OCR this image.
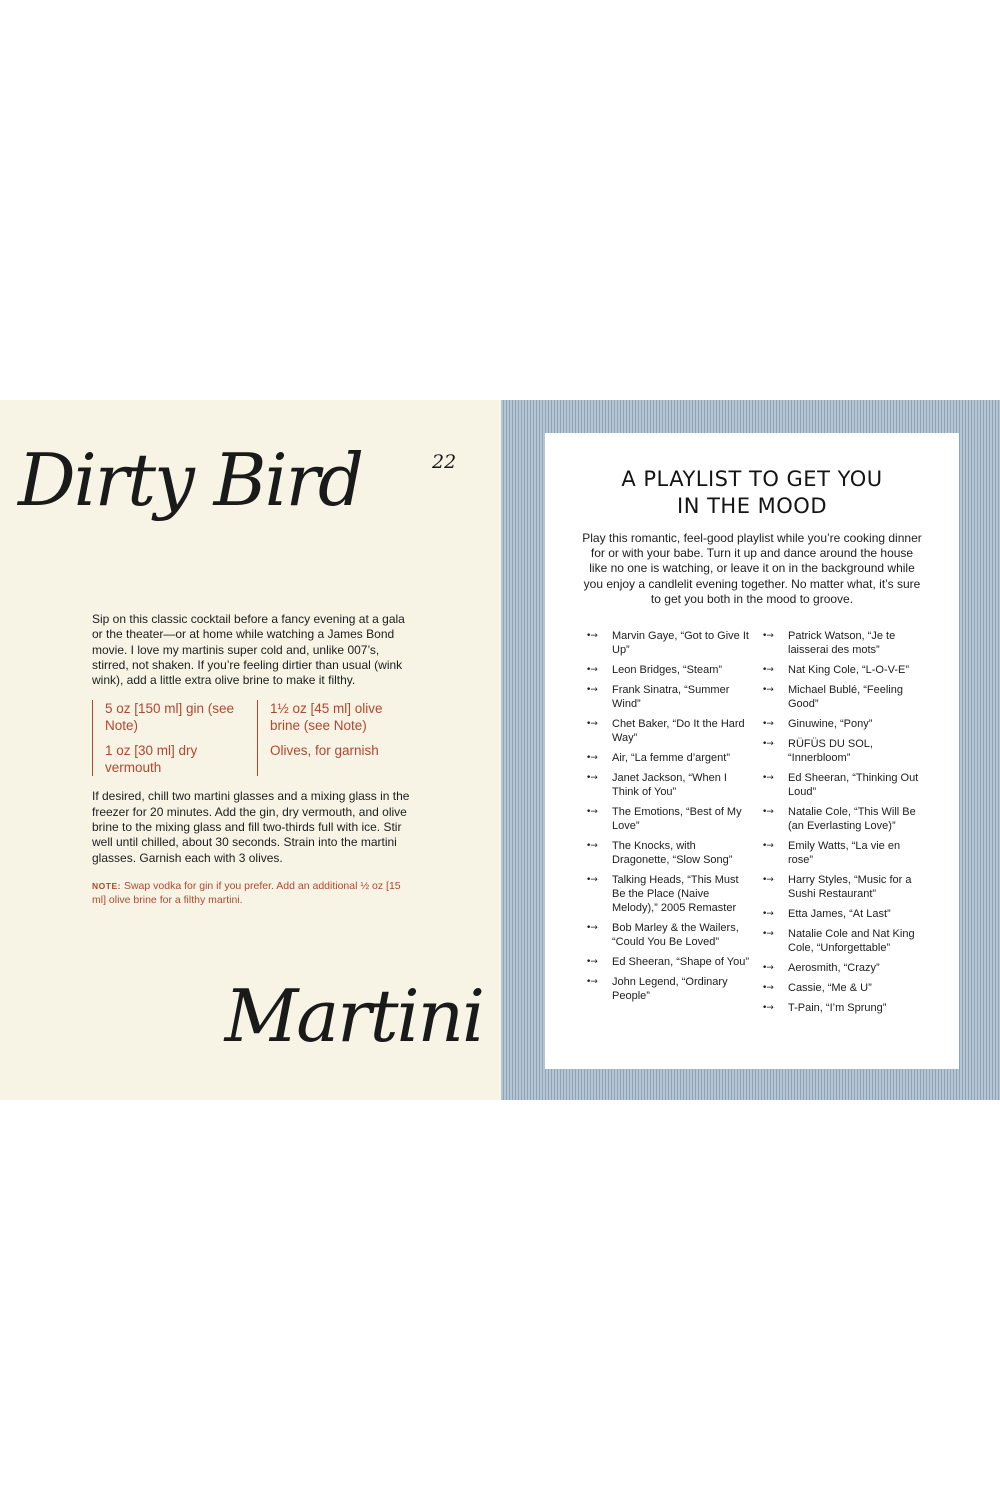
Dirty Bird	22

Sip on this classic cocktail before a fancy evening at a gala or the theater—or at home while watching a James Bond movie. I love my martinis super cold and, unlike 007’s, stirred, not shaken. If you’re feeling dirtier than usual (wink wink), add a little extra olive brine to make it filthy.

5 oz [150 ml] gin (see Note)
1 oz [30 ml] dry vermouth
1½ oz [45 ml] olive brine (see Note)
Olives, for garnish

If desired, chill two martini glasses and a mixing glass in the freezer for 20 minutes. Add the gin, dry vermouth, and olive brine to the mixing glass and fill two-thirds full with ice. Stir well until chilled, about 30 seconds. Strain into the martini glasses. Garnish each with 3 olives.

NOTE: Swap vodka for gin if you prefer. Add an additional ½ oz [15 ml] olive brine for a filthy martini.

Martini
A PLAYLIST TO GET YOU
IN THE MOOD

Play this romantic, feel-good playlist while you’re cooking dinner for or with your babe. Turn it up and dance around the house like no one is watching, or leave it on in the background while you enjoy a candlelit evening together. No matter what, it’s sure to get you both in the mood to groove.

•→ Marvin Gaye, “Got to Give It Up”
•→ Leon Bridges, “Steam”
•→ Frank Sinatra, “Summer Wind”
•→ Chet Baker, “Do It the Hard Way”
•→ Air, “La femme d’argent”
•→ Janet Jackson, “When I Think of You”
•→ The Emotions, “Best of My Love”
•→ The Knocks, with Dragonette, “Slow Song”
•→ Talking Heads, “This Must Be the Place (Naive Melody),” 2005 Remaster
•→ Bob Marley & the Wailers, “Could You Be Loved”
•→ Ed Sheeran, “Shape of You”
•→ John Legend, “Ordinary People”
•→ Patrick Watson, “Je te laisserai des mots”
•→ Nat King Cole, “L-O-V-E”
•→ Michael Bublé, “Feeling Good”
•→ Ginuwine, “Pony”
•→ RÜFÜS DU SOL, “Innerbloom”
•→ Ed Sheeran, “Thinking Out Loud”
•→ Natalie Cole, “This Will Be (an Everlasting Love)”
•→ Emily Watts, “La vie en rose”
•→ Harry Styles, “Music for a Sushi Restaurant”
•→ Etta James, “At Last”
•→ Natalie Cole and Nat King Cole, “Unforgettable”
•→ Aerosmith, “Crazy”
•→ Cassie, “Me & U”
•→ T-Pain, “I’m Sprung”
